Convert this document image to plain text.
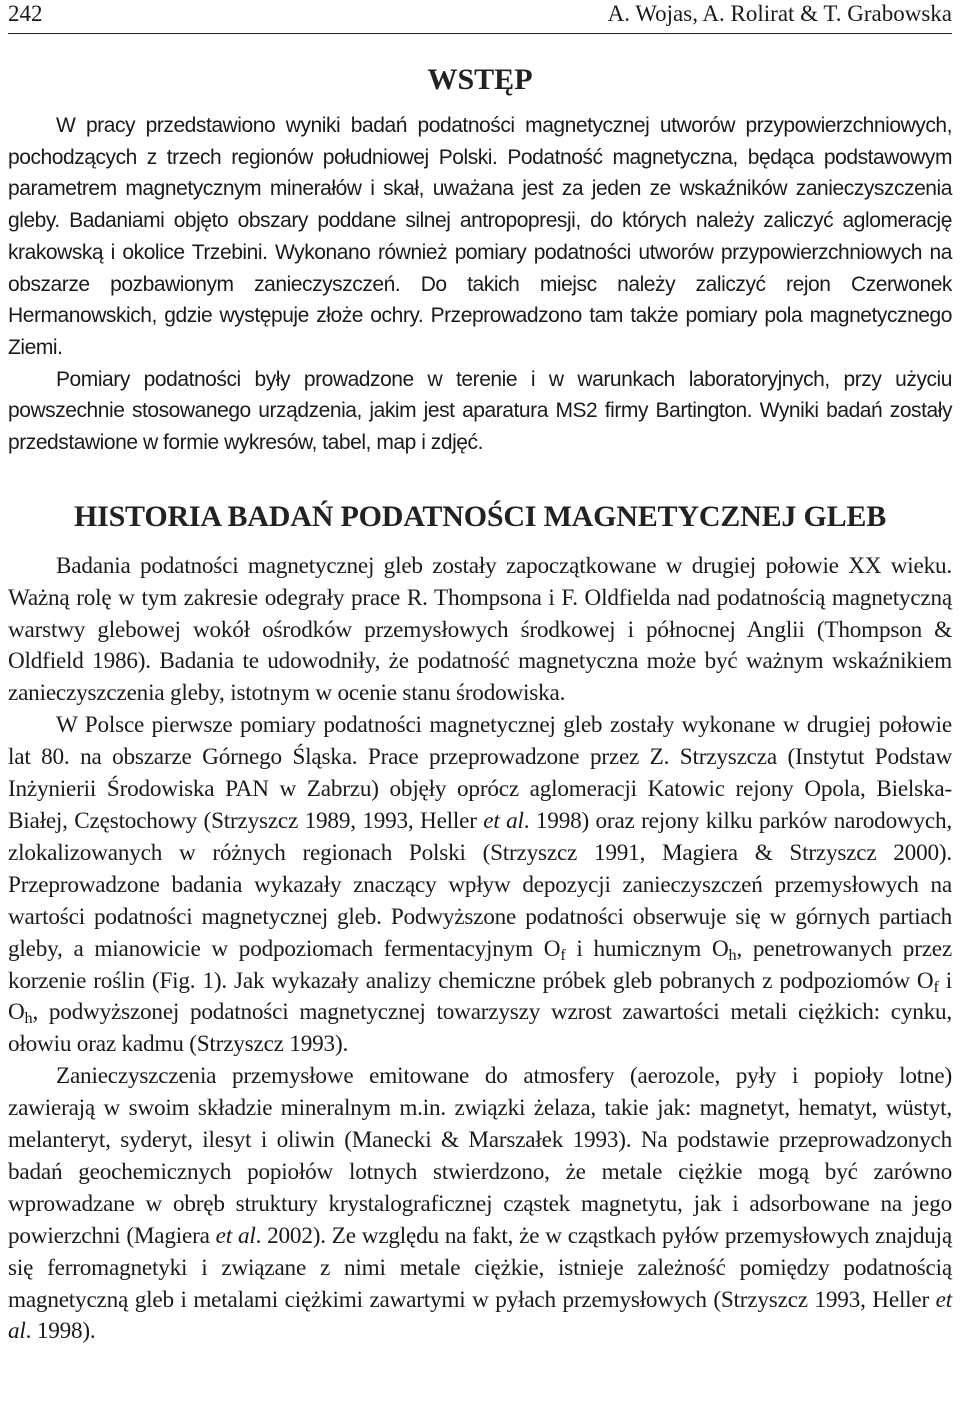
242	A. Wojas, A. Rolirat & T. Grabowska
WSTĘP

W pracy przedstawiono wyniki badań podatności magnetycznej utworów przypowierzchniowych, pochodzących z trzech regionów południowej Polski. Podatność magnetyczna, będąca podstawowym parametrem magnetycznym minerałów i skał, uważana jest za jeden ze wskaźników zanieczyszczenia gleby. Badaniami objęto obszary poddane silnej antropopresji, do których należy zaliczyć aglomerację krakowską i okolice Trzebini. Wykonano również pomiary podatności utworów przypowierzchniowych na obszarze pozbawionym zanieczyszczeń. Do takich miejsc należy zaliczyć rejon Czerwonek Hermanowskich, gdzie występuje złoże ochry. Przeprowadzono tam także pomiary pola magnetycznego Ziemi.

Pomiary podatności były prowadzone w terenie i w warunkach laboratoryjnych, przy użyciu powszechnie stosowanego urządzenia, jakim jest aparatura MS2 firmy Bartington. Wyniki badań zostały przedstawione w formie wykresów, tabel, map i zdjęć.

HISTORIA BADAŃ PODATNOŚCI MAGNETYCZNEJ GLEB

Badania podatności magnetycznej gleb zostały zapoczątkowane w drugiej połowie XX wieku. Ważną rolę w tym zakresie odegrały prace R. Thompsona i F. Oldfielda nad podatnością magnetyczną warstwy glebowej wokół ośrodków przemysłowych środkowej i północnej Anglii (Thompson & Oldfield 1986). Badania te udowodniły, że podatność magnetyczna może być ważnym wskaźnikiem zanieczyszczenia gleby, istotnym w ocenie stanu środowiska.

W Polsce pierwsze pomiary podatności magnetycznej gleb zostały wykonane w drugiej połowie lat 80. na obszarze Górnego Śląska. Prace przeprowadzone przez Z. Strzyszcza (Instytut Podstaw Inżynierii Środowiska PAN w Zabrzu) objęły oprócz aglomeracji Katowic rejony Opola, Bielska-Białej, Częstochowy (Strzyszcz 1989, 1993, Heller et al. 1998) oraz rejony kilku parków narodowych, zlokalizowanych w różnych regionach Polski (Strzyszcz 1991, Magiera & Strzyszcz 2000). Przeprowadzone badania wykazały znaczący wpływ depozycji zanieczyszczeń przemysłowych na wartości podatności magnetycznej gleb. Podwyższone podatności obserwuje się w górnych partiach gleby, a mianowicie w podpoziomach fermentacyjnym $O_f$ i humicznym $O_h$, penetrowanych przez korzenie roślin (Fig. 1). Jak wykazały analizy chemiczne próbek gleb pobranych z podpoziomów $O_f$ i $O_h$, podwyższonej podatności magnetycznej towarzyszy wzrost zawartości metali ciężkich: cynku, ołowiu oraz kadmu (Strzyszcz 1993).

Zanieczyszczenia przemysłowe emitowane do atmosfery (aerozole, pyły i popioły lotne) zawierają w swoim składzie mineralnym m.in. związki żelaza, takie jak: magnetyt, hematyt, wüstyt, melanteryt, syderyt, ilesyt i oliwin (Manecki & Marszałek 1993). Na podstawie przeprowadzonych badań geochemicznych popiołów lotnych stwierdzono, że metale ciężkie mogą być zarówno wprowadzane w obręb struktury krystalograficznej cząstek magnetytu, jak i adsorbowane na jego powierzchni (Magiera et al. 2002). Ze względu na fakt, że w cząstkach pyłów przemysłowych znajdują się ferromagnetyki i związane z nimi metale ciężkie, istnieje zależność pomiędzy podatnością magnetyczną gleb i metalami ciężkimi zawartymi w pyłach przemysłowych (Strzyszcz 1993, Heller et al. 1998).
